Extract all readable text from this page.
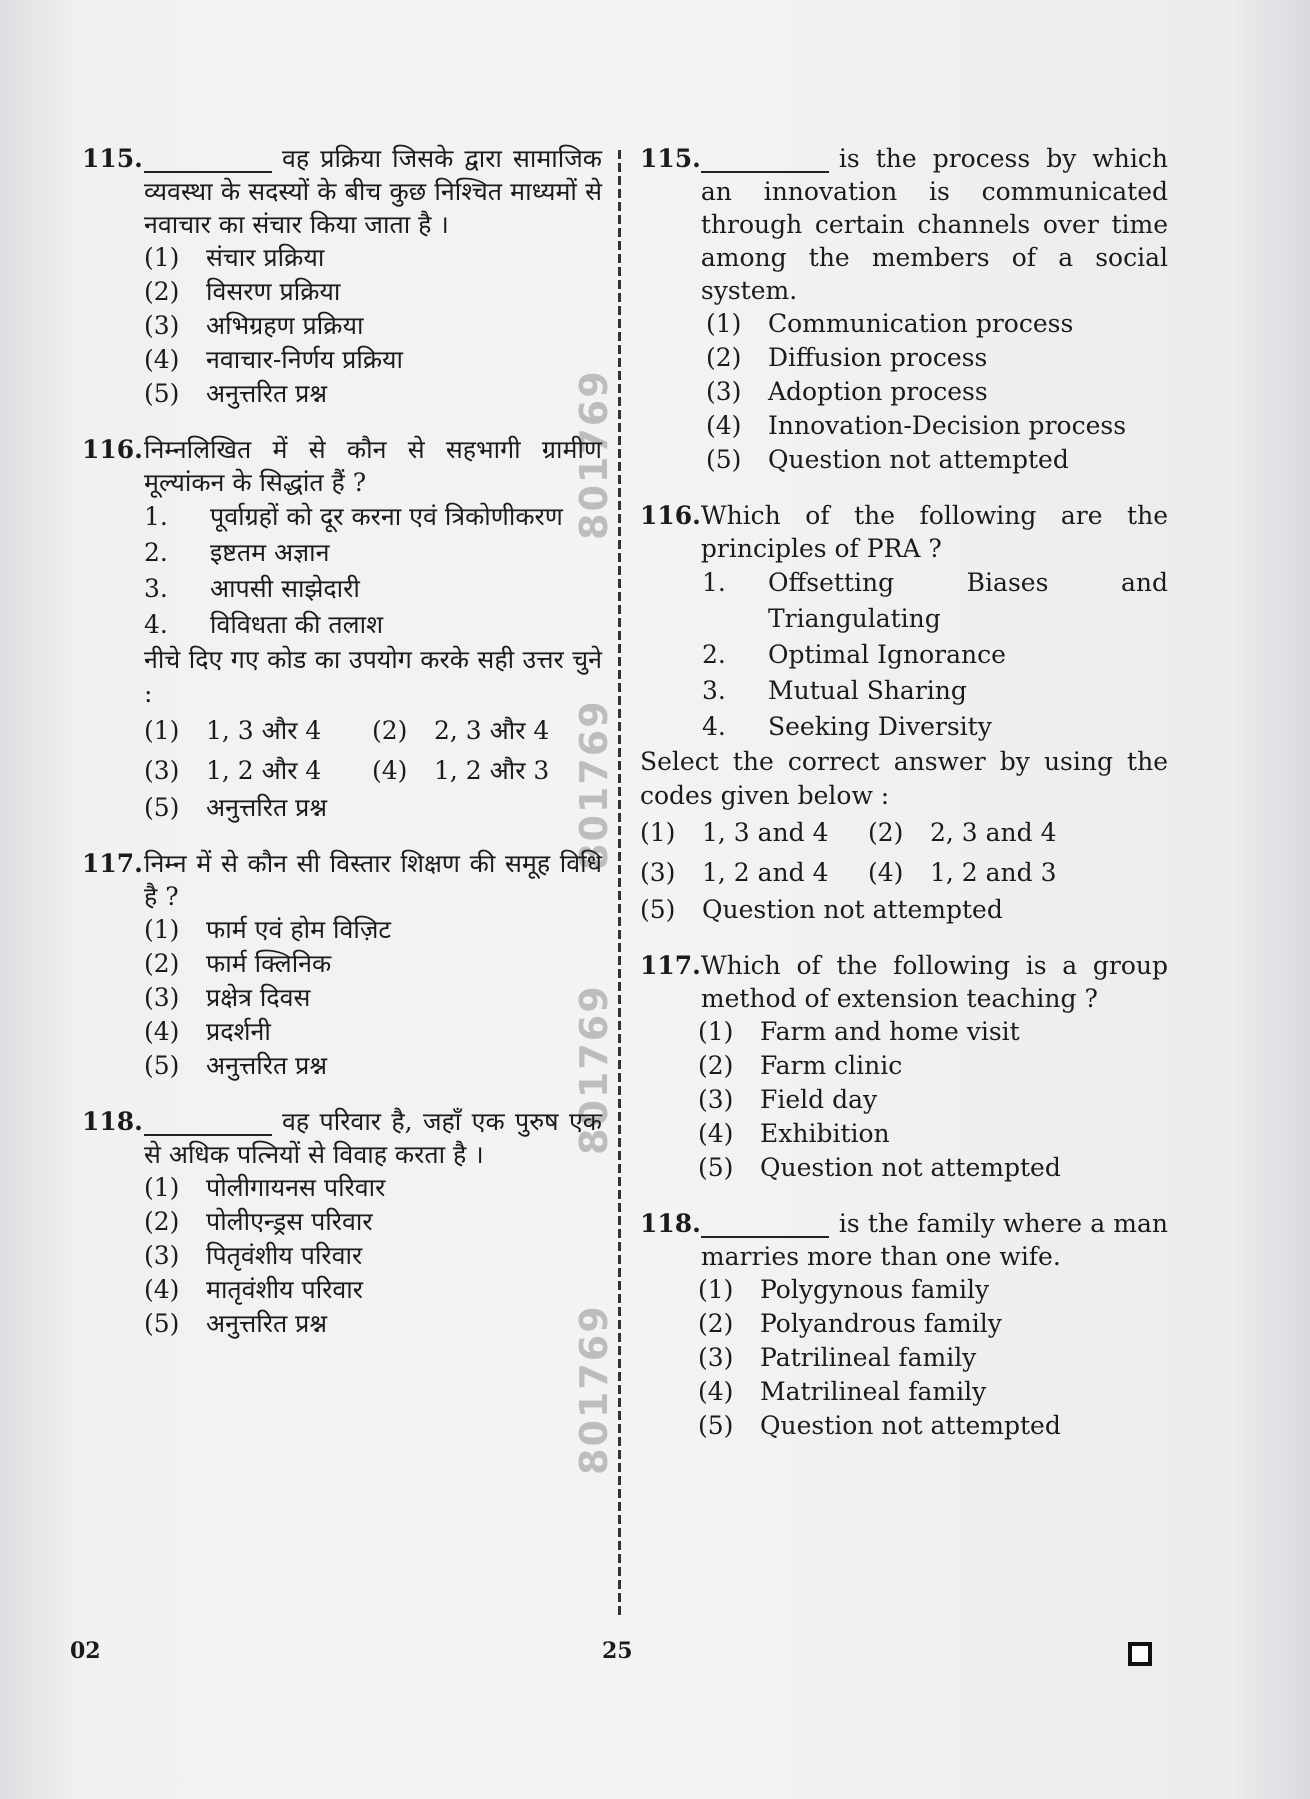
801769
801769
801769
801769
115.	वह प्रक्रिया जिसके द्वारा सामाजिक व्यवस्था के सदस्यों के बीच कुछ निश्चित माध्यमों से नवाचार का संचार किया जाता है ।
(1)	संचार प्रक्रिया
(2)	विसरण प्रक्रिया
(3)	अभिग्रहण प्रक्रिया
(4)	नवाचार-निर्णय प्रक्रिया
(5)	अनुत्तरित प्रश्न
116. निम्नलिखित में से कौन से सहभागी ग्रामीण मूल्यांकन के सिद्धांत हैं ?
1.	पूर्वाग्रहों को दूर करना एवं त्रिकोणीकरण
2.	इष्टतम अज्ञान
3.	आपसी साझेदारी
4.	विविधता की तलाश
नीचे दिए गए कोड का उपयोग करके सही उत्तर चुने :
(1)	1, 3 और 4 (2)	2, 3 और 4
(3)	1, 2 और 4 (4)	1, 2 और 3
(5)	अनुत्तरित प्रश्न
117. निम्न में से कौन सी विस्तार शिक्षण की समूह विधि है ?
(1)	फार्म एवं होम विज़िट
(2)	फार्म क्लिनिक
(3)	प्रक्षेत्र दिवस
(4)	प्रदर्शनी
(5)	अनुत्तरित प्रश्न
118.	वह परिवार है, जहाँ एक पुरुष एक से अधिक पत्नियों से विवाह करता है ।
(1)	पोलीगायनस परिवार
(2)	पोलीएन्ड्रस परिवार
(3)	पितृवंशीय परिवार
(4)	मातृवंशीय परिवार
(5)	अनुत्तरित प्रश्न
115.	is the process by which an innovation is communicated through certain channels over time among the members of a social system.
(1)	Communication process
(2)	Diffusion process
(3)	Adoption process
(4)	Innovation-Decision process
(5)	Question not attempted
116. Which of the following are the principles of PRA ?
1.	Offsetting Biases and Triangulating
2.	Optimal Ignorance
3.	Mutual Sharing
4.	Seeking Diversity
Select the correct answer by using the codes given below :
(1)	1, 3 and 4 (2)	2, 3 and 4
(3)	1, 2 and 4 (4)	1, 2 and 3
(5)	Question not attempted
117. Which of the following is a group method of extension teaching ?
(1)	Farm and home visit
(2)	Farm clinic
(3)	Field day
(4)	Exhibition
(5)	Question not attempted
118.	is the family where a man marries more than one wife.
(1)	Polygynous family
(2)	Polyandrous family
(3)	Patrilineal family
(4)	Matrilineal family
(5)	Question not attempted
02	25
